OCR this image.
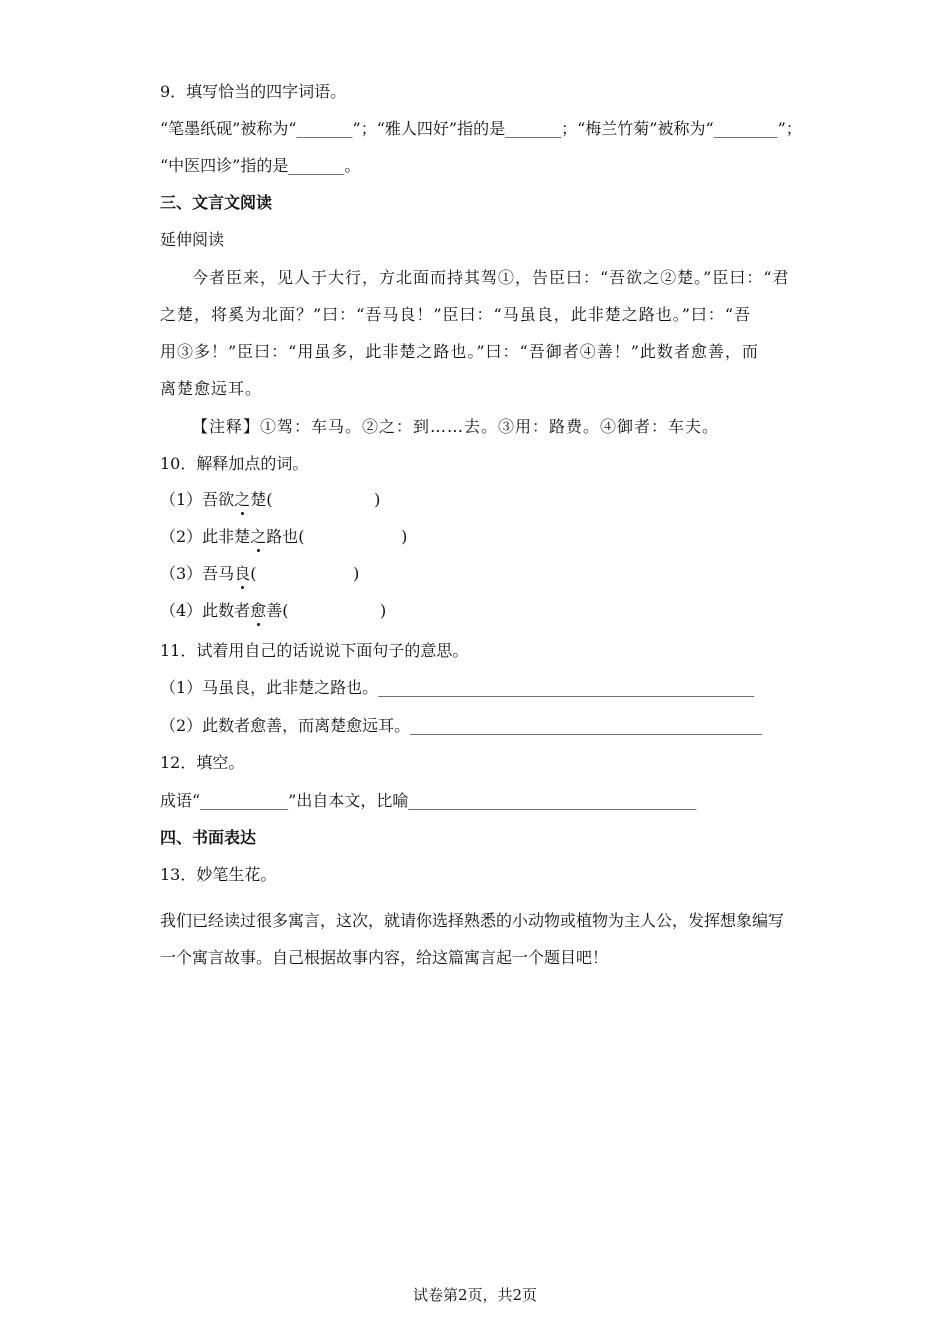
9．填写恰当的四字词语。
“笔墨纸砚”被称为“_______”；“雅人四好”指的是_______；“梅兰竹菊”被称为“________”；
“中医四诊”指的是_______。
三、文言文阅读
延伸阅读
今者臣来，见人于大行，方北面而持其驾①，告臣曰：“吾欲之②楚。”臣曰：“君
之楚，将奚为北面？”曰：“吾马良！”臣曰：“马虽良，此非楚之路也。”曰：“吾
用③多！”臣曰：“用虽多，此非楚之路也。”曰：“吾御者④善！”此数者愈善，而
离楚愈远耳。
【注释】①驾：车马。②之：到……去。③用：路费。④御者：车夫。
10．解释加点的词。
（1）吾欲之楚(                    )
（2）此非楚之路也(                   )
（3）吾马良(                   )
（4）此数者愈善(                  )
11．试着用自己的话说说下面句子的意思。
（1）马虽良，此非楚之路也。_______________________________________________
（2）此数者愈善，而离楚愈远耳。____________________________________________
12．填空。
成语“___________”出自本文，比喻____________________________________
四、书面表达
13．妙笔生花。
我们已经读过很多寓言，这次，就请你选择熟悉的小动物或植物为主人公，发挥想象编写一个寓言故事。自己根据故事内容，给这篇寓言起一个题目吧！
试卷第2页，共2页
